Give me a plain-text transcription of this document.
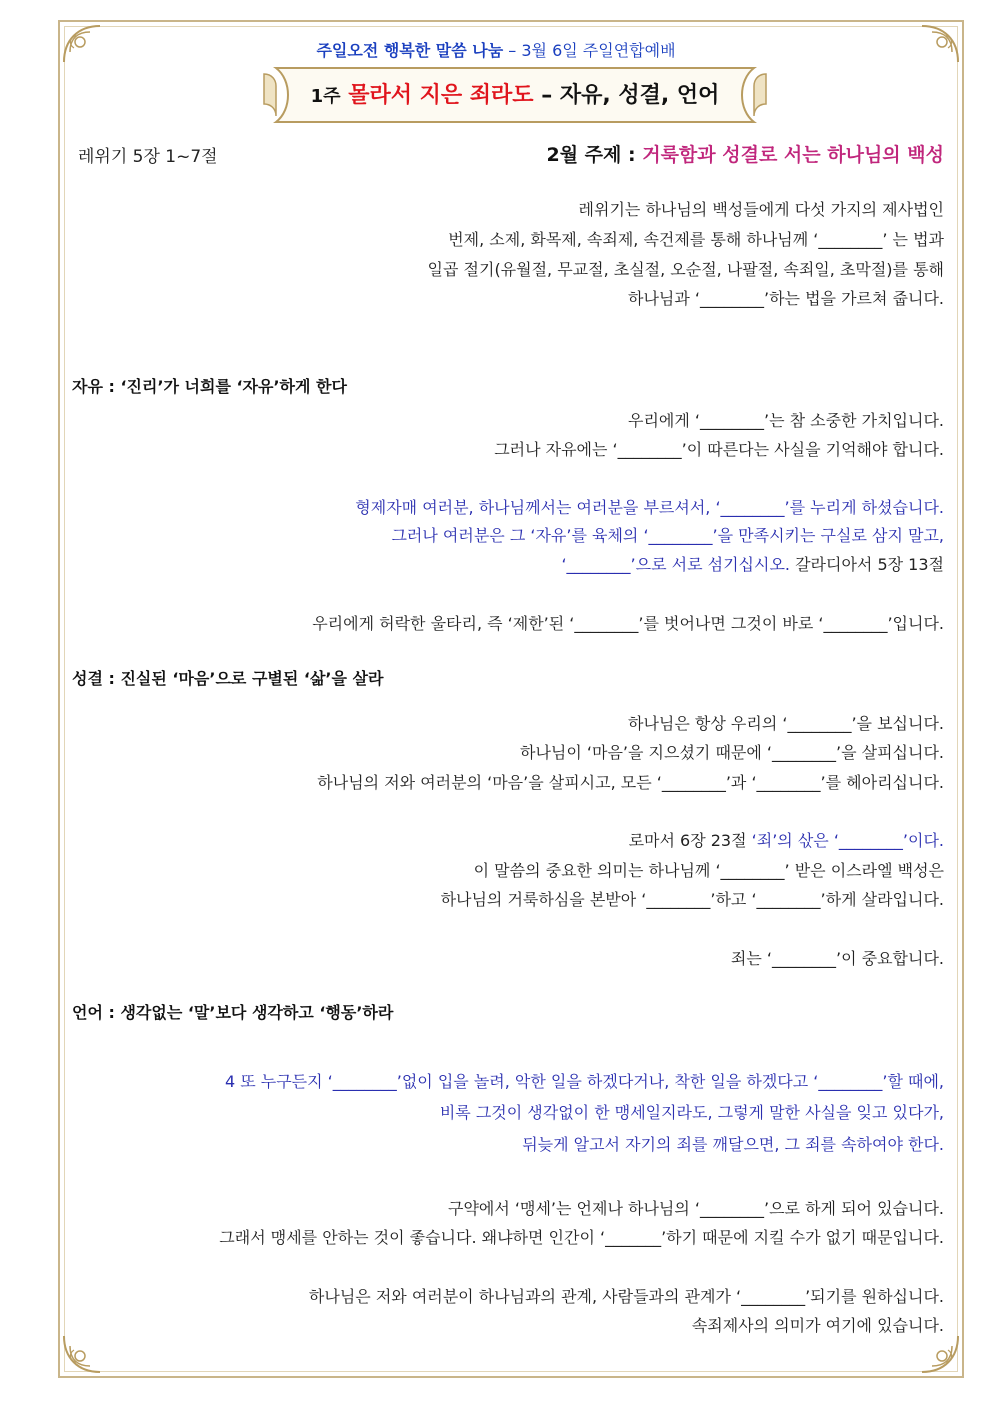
주일오전 행복한 말씀 나눔 – 3월 6일 주일연합예배
1주 몰라서 지은 죄라도 – 자유, 성결, 언어
레위기 5장 1~7절	2월 주제 : 거룩함과 성결로 서는 하나님의 백성
레위기는 하나님의 백성들에게 다섯 가지의 제사법인
번제, 소제, 화목제, 속죄제, 속건제를 통해 하나님께 ‘________’ 는 법과
일곱 절기(유월절, 무교절, 초실절, 오순절, 나팔절, 속죄일, 초막절)를 통해
하나님과 ‘________’하는 법을 가르쳐 줍니다.
자유 : ‘진리’가 너희를 ‘자유’하게 한다
우리에게 ‘________’는 참 소중한 가치입니다.
그러나 자유에는 ‘________’이 따른다는 사실을 기억해야 합니다.
형제자매 여러분, 하나님께서는 여러분을 부르셔서, ‘________’를 누리게 하셨습니다.
그러나 여러분은 그 ‘자유’를 육체의 ‘________’을 만족시키는 구실로 삼지 말고,
‘________’으로 서로 섬기십시오. 갈라디아서 5장 13절
우리에게 허락한 울타리, 즉 ‘제한’된 ‘________’를 벗어나면 그것이 바로 ‘________’입니다.
성결 : 진실된 ‘마음’으로 구별된 ‘삶’을 살라
하나님은 항상 우리의 ‘________’을 보십니다.
하나님이 ‘마음’을 지으셨기 때문에 ‘________’을 살피십니다.
하나님의 저와 여러분의 ‘마음’을 살피시고, 모든 ‘________’과 ‘________’를 헤아리십니다.
로마서 6장 23절 ‘죄’의 삯은 ‘________’이다.
이 말씀의 중요한 의미는 하나님께 ‘________’ 받은 이스라엘 백성은
하나님의 거룩하심을 본받아 ‘________’하고 ‘________’하게 살라입니다.
죄는 ‘________’이 중요합니다.
언어 : 생각없는 ‘말’보다 생각하고 ‘행동’하라
4 또 누구든지 ‘________’없이 입을 놀려, 악한 일을 하겠다거나, 착한 일을 하겠다고 ‘________’할 때에,
비록 그것이 생각없이 한 맹세일지라도, 그렇게 말한 사실을 잊고 있다가,
뒤늦게 알고서 자기의 죄를 깨달으면, 그 죄를 속하여야 한다.
구약에서 ‘맹세’는 언제나 하나님의 ‘________’으로 하게 되어 있습니다.
그래서 맹세를 안하는 것이 좋습니다. 왜냐하면 인간이 ‘_______’하기 때문에 지킬 수가 없기 때문입니다.
하나님은 저와 여러분이 하나님과의 관계, 사람들과의 관계가 ‘________’되기를 원하십니다.
속죄제사의 의미가 여기에 있습니다.
